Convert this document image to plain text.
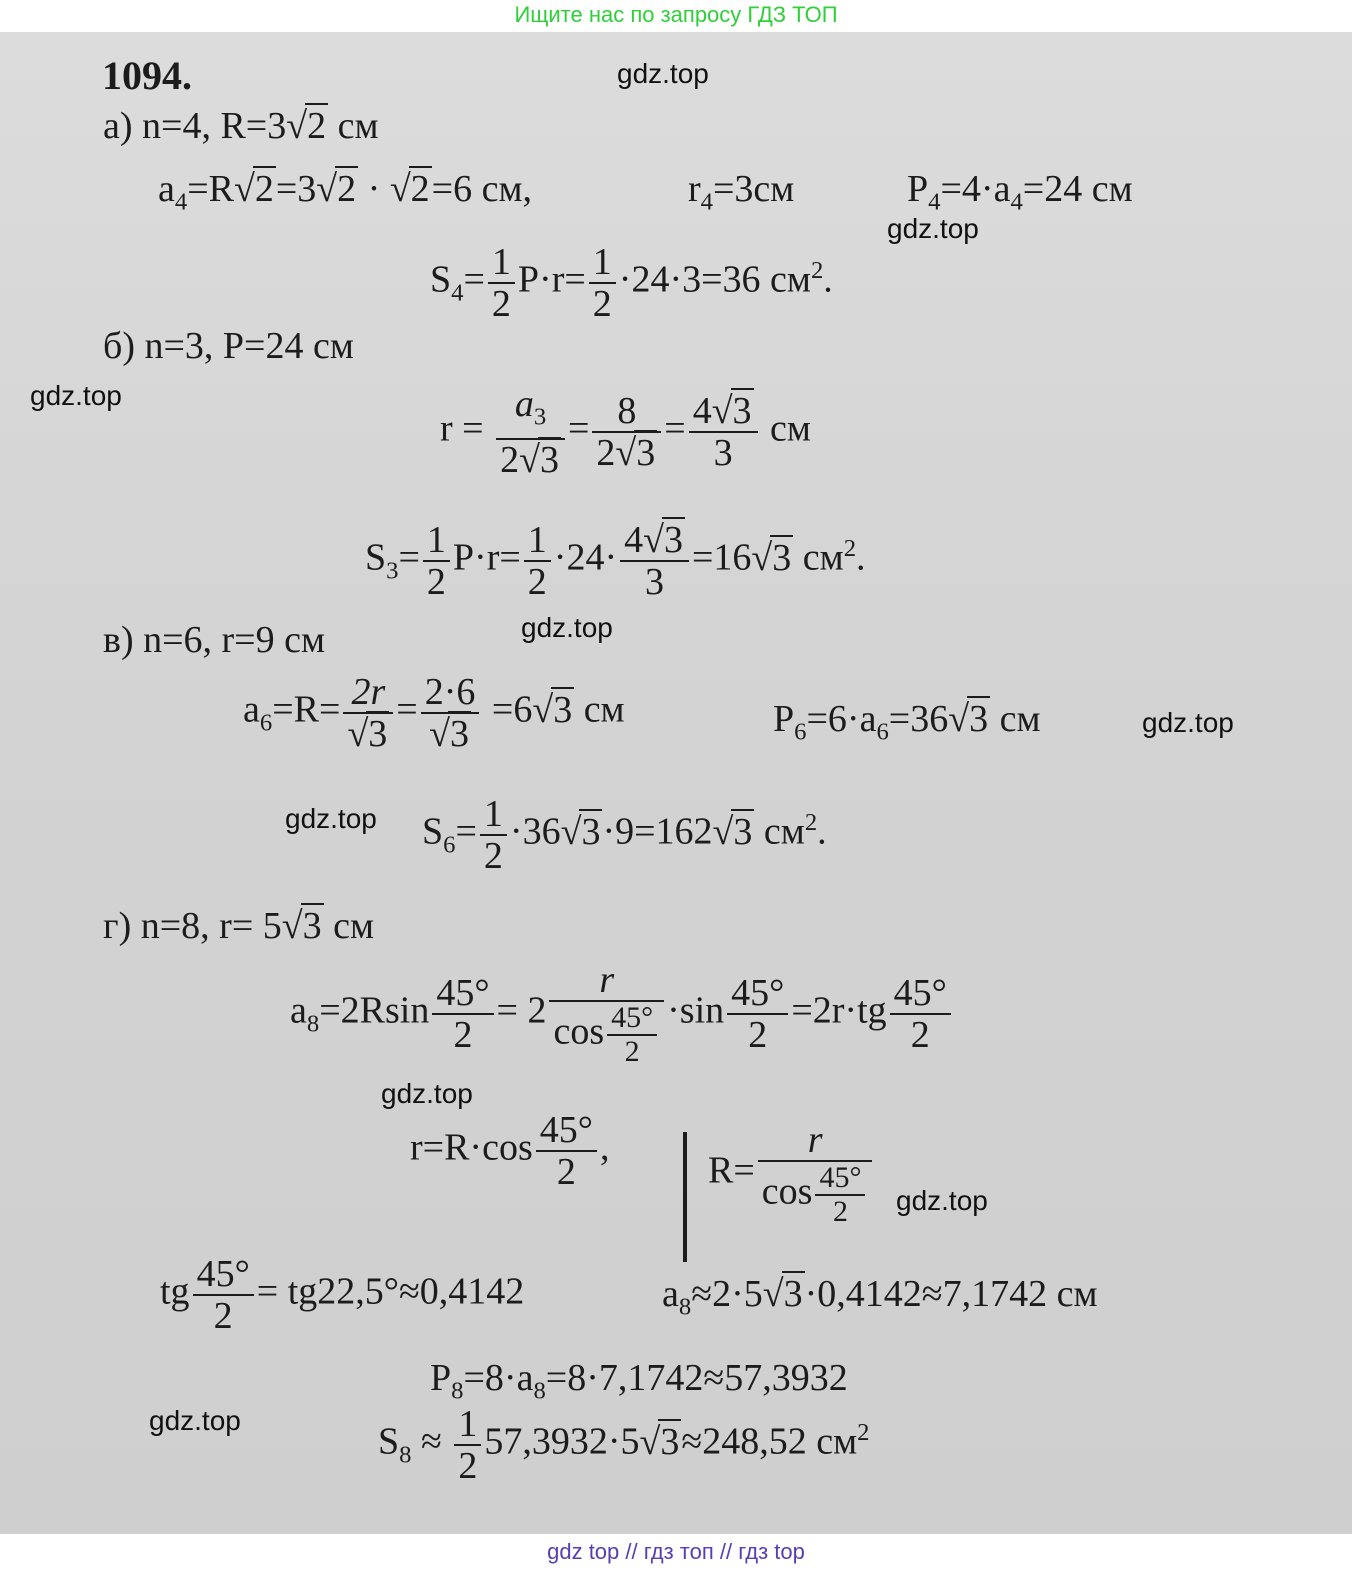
Ищите нас по запросу ГДЗ ТОП
1094.	gdz.top
gdz.top
gdz.top
gdz.top
gdz.top
gdz.top
gdz.top
gdz.top
gdz.top
а) n=4, R=3√2 см
$a_4=R√2=3√2 \cdot √2=6$ см,	$r_4=3см$	$P_4=4\cdot a_4=24$ см
$S_4= \frac{1}{2} P\cdot r= \frac{1}{2} \cdot 24\cdot 3=36$ $см^2$.
б) n=3, P=24 см
$r = \frac{a_3}{2√3} = \frac{8}{2√3} = \frac{4√3}{3}$ см
$S_3= \frac{1}{2} P\cdot r= \frac{1}{2} \cdot 24\cdot \frac{4√3}{3} =16√3$ $см^2$.
в) n=6, r=9 см
$a_6=R= \frac{2r}{√3} = \frac{2\cdot 6}{√3} =6√3$ см	$P_6=6\cdot a_6=36√3$ см
$S_6= \frac{1}{2} \cdot 36√3\cdot 9=162√3$ $см^2$.
г) n=8, r= 5√3 см
$a_8=2Rsin \frac{45^\circ}{2} = 2 \frac{r}{\cos \frac{45^\circ}{2}} \cdot\sin \frac{45^\circ}{2} =2r\cdot tg \frac{45^\circ}{2}$
$r=R\cdot\cos \frac{45^\circ}{2}$ ,
$R= \frac{r}{\cos \frac{45^\circ}{2}}$
tg $\frac{45^\circ}{2} = tg22,5^\circ\approx 0,4142$	$a_8\approx 2\cdot 5√3\cdot 0,4142\approx 7,1742$ см
$P_8=8\cdot a_8=8\cdot 7,1742\approx 57,3932$
$S_8 \approx \frac{1}{2} 57,3932\cdot 5√3\approx 248,52$ $см^2$
gdz top // гдз топ // гдз top
